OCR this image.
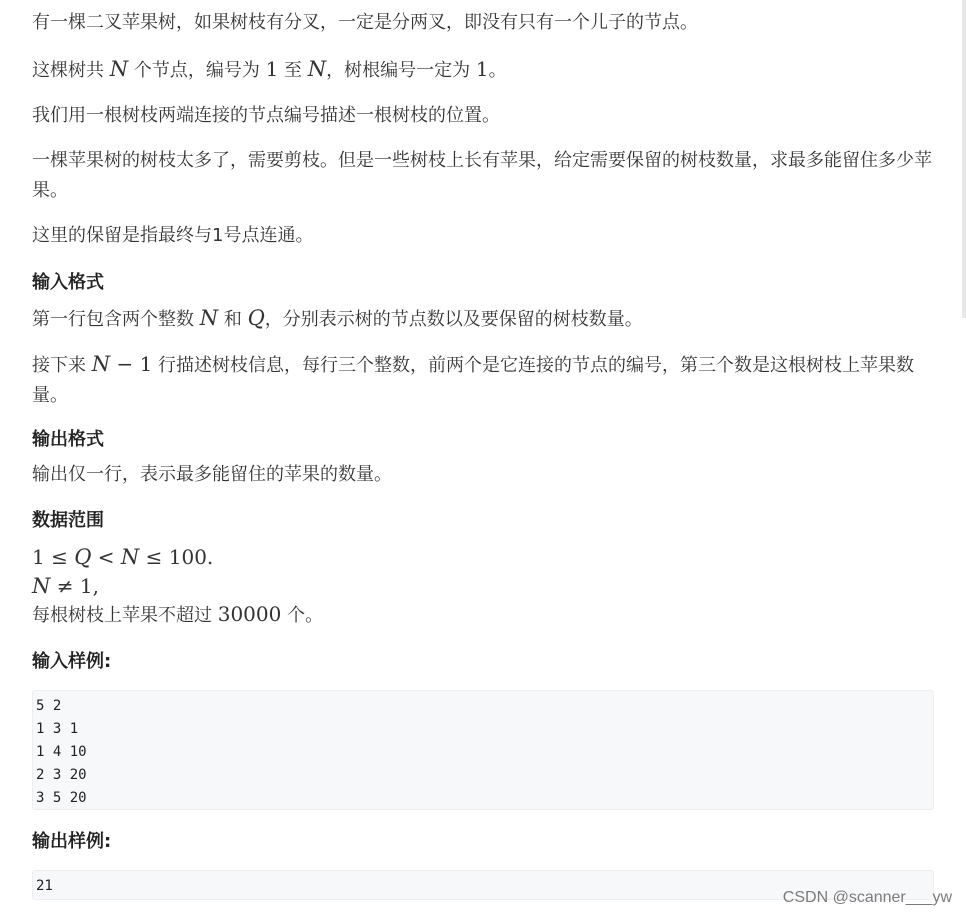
有一棵二叉苹果树，如果树枝有分叉，一定是分两叉，即没有只有一个儿子的节点。

这棵树共 N 个节点，编号为 1 至 N，树根编号一定为 1。

我们用一根树枝两端连接的节点编号描述一根树枝的位置。

一棵苹果树的树枝太多了，需要剪枝。但是一些树枝上长有苹果，给定需要保留的树枝数量，求最多能留住多少苹
果。

这里的保留是指最终与1号点连通。

输入格式

第一行包含两个整数 N 和 Q，分别表示树的节点数以及要保留的树枝数量。

接下来 N − 1 行描述树枝信息，每行三个整数，前两个是它连接的节点的编号，第三个数是这根树枝上苹果数
量。

输出格式

输出仅一行，表示最多能留住的苹果的数量。

数据范围

1 ≤ Q < N ≤ 100.

N ≠ 1,

每根树枝上苹果不超过 30000 个。

输入样例:
5 2
1 3 1
1 4 10
2 3 20
3 5 20
输出样例:
21
CSDN @scanner___yw
